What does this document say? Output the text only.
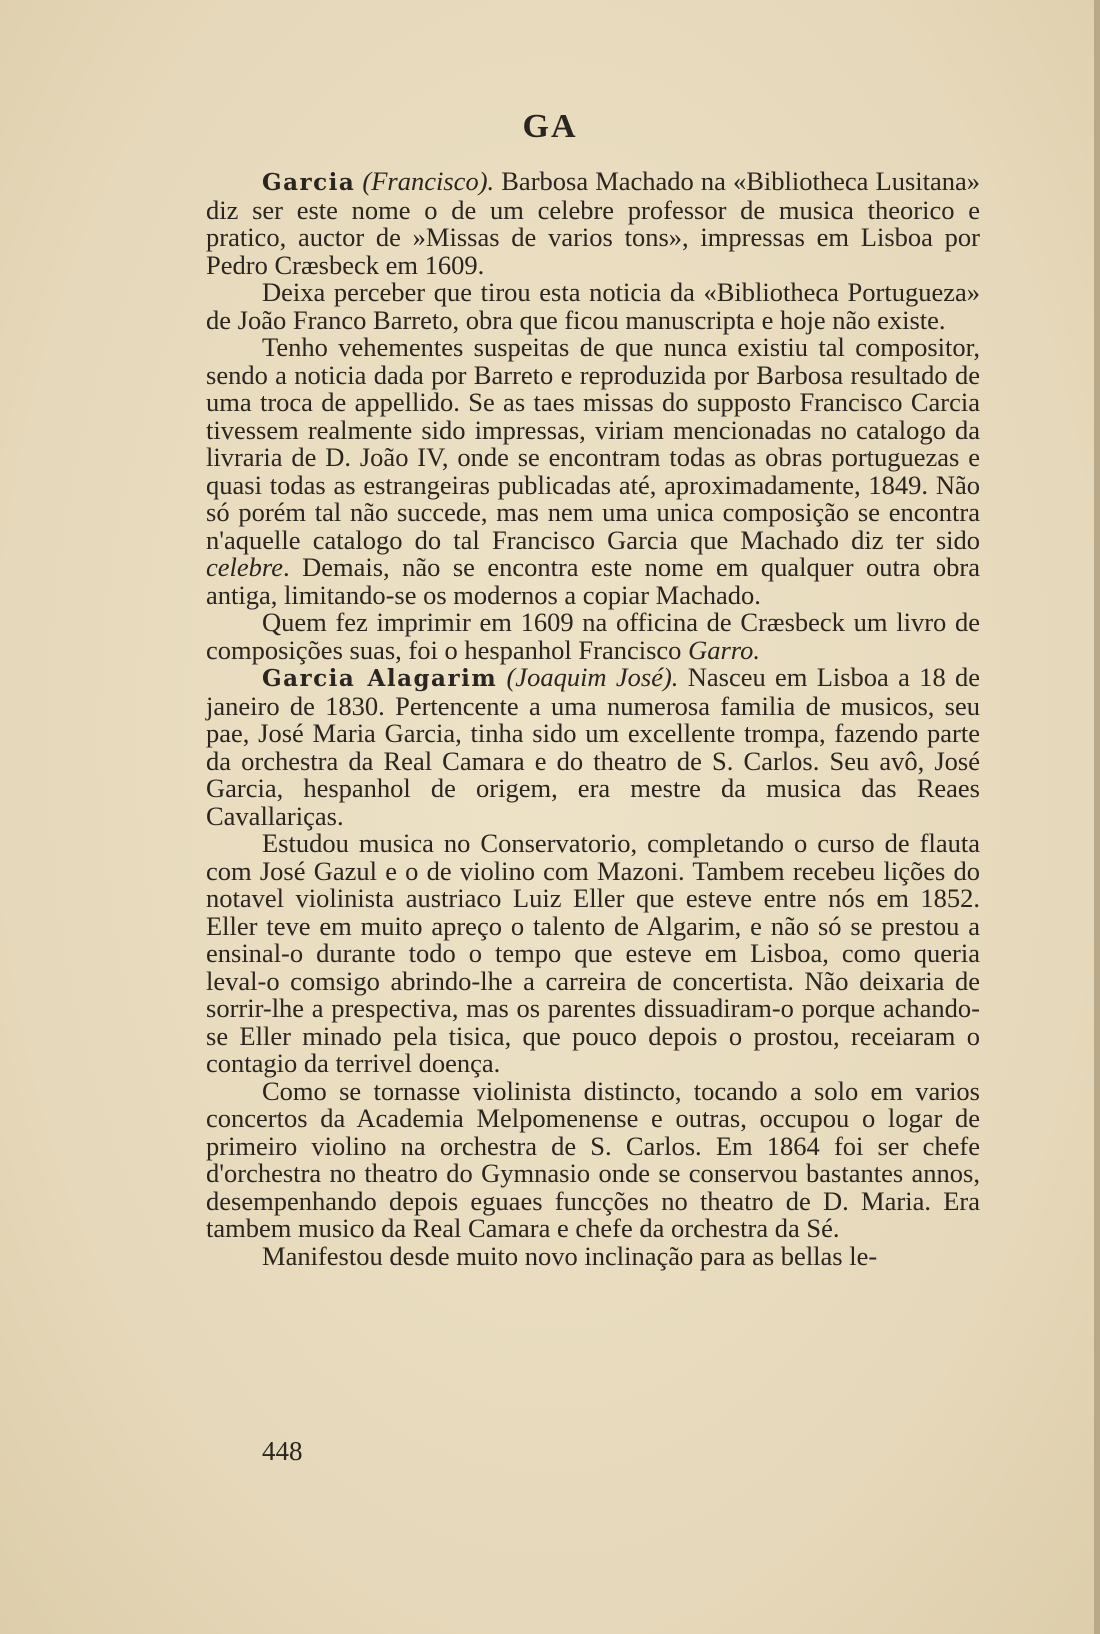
GA

Garcia (Francisco). Barbosa Machado na «Bibliotheca Lusitana» diz ser este nome o de um celebre professor de musica theorico e pratico, auctor de »Missas de varios tons», impressas em Lisboa por Pedro Cræsbeck em 1609.

Deixa perceber que tirou esta noticia da «Bibliotheca Portugueza» de João Franco Barreto, obra que ficou manuscripta e hoje não existe.

Tenho vehementes suspeitas de que nunca existiu tal compositor, sendo a noticia dada por Barreto e reproduzida por Barbosa resultado de uma troca de appellido. Se as taes missas do supposto Francisco Carcia tivessem realmente sido impressas, viriam mencionadas no catalogo da livraria de D. João IV, onde se encontram todas as obras portuguezas e quasi todas as estrangeiras publicadas até, aproximadamente, 1849. Não só porém tal não succede, mas nem uma unica composição se encontra n'aquelle catalogo do tal Francisco Garcia que Machado diz ter sido celebre. Demais, não se encontra este nome em qualquer outra obra antiga, limitando-se os modernos a copiar Machado.

Quem fez imprimir em 1609 na officina de Cræsbeck um livro de composições suas, foi o hespanhol Francisco Garro.

Garcia Alagarim (Joaquim José). Nasceu em Lisboa a 18 de janeiro de 1830. Pertencente a uma numerosa familia de musicos, seu pae, José Maria Garcia, tinha sido um excellente trompa, fazendo parte da orchestra da Real Camara e do theatro de S. Carlos. Seu avô, José Garcia, hespanhol de origem, era mestre da musica das Reaes Cavallariças.

Estudou musica no Conservatorio, completando o curso de flauta com José Gazul e o de violino com Mazoni. Tambem recebeu lições do notavel violinista austriaco Luiz Eller que esteve entre nós em 1852. Eller teve em muito apreço o talento de Algarim, e não só se prestou a ensinal-o durante todo o tempo que esteve em Lisboa, como queria leval-o comsigo abrindo-lhe a carreira de concertista. Não deixaria de sorrir-lhe a prespectiva, mas os parentes dissuadiram-o porque achando-se Eller minado pela tisica, que pouco depois o prostou, receiaram o contagio da terrivel doença.

Como se tornasse violinista distincto, tocando a solo em varios concertos da Academia Melpomenense e outras, occupou o logar de primeiro violino na orchestra de S. Carlos. Em 1864 foi ser chefe d'orchestra no theatro do Gymnasio onde se conservou bastantes annos, desempenhando depois eguaes funcções no theatro de D. Maria. Era tambem musico da Real Camara e chefe da orchestra da Sé.

Manifestou desde muito novo inclinação para as bellas le-

448
